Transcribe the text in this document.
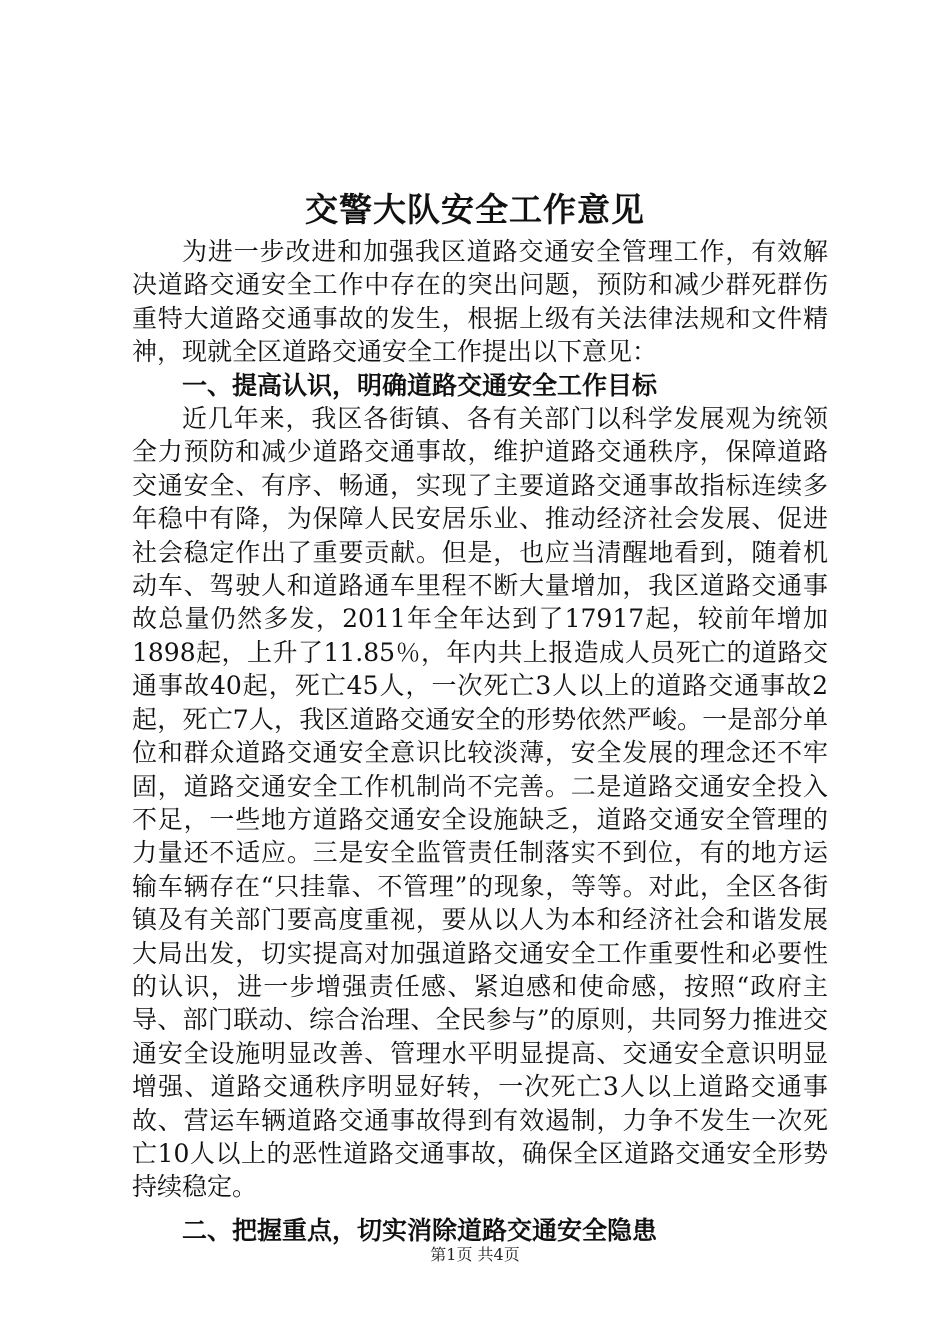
交警大队安全工作意见

为进一步改进和加强我区道路交通安全管理工作，有效解决道路交通安全工作中存在的突出问题，预防和减少群死群伤重特大道路交通事故的发生，根据上级有关法律法规和文件精神，现就全区道路交通安全工作提出以下意见：

一、提高认识，明确道路交通安全工作目标

近几年来，我区各街镇、各有关部门以科学发展观为统领全力预防和减少道路交通事故，维护道路交通秩序，保障道路交通安全、有序、畅通，实现了主要道路交通事故指标连续多年稳中有降，为保障人民安居乐业、推动经济社会发展、促进社会稳定作出了重要贡献。但是，也应当清醒地看到，随着机动车、驾驶人和道路通车里程不断大量增加，我区道路交通事故总量仍然多发，2011年全年达到了17917起，较前年增加1898起，上升了11.85％，年内共上报造成人员死亡的道路交通事故40起，死亡45人，一次死亡3人以上的道路交通事故2起，死亡7人，我区道路交通安全的形势依然严峻。一是部分单位和群众道路交通安全意识比较淡薄，安全发展的理念还不牢固，道路交通安全工作机制尚不完善。二是道路交通安全投入不足，一些地方道路交通安全设施缺乏，道路交通安全管理的力量还不适应。三是安全监管责任制落实不到位，有的地方运输车辆存在“只挂靠、不管理”的现象，等等。对此，全区各街镇及有关部门要高度重视，要从以人为本和经济社会和谐发展大局出发，切实提高对加强道路交通安全工作重要性和必要性的认识，进一步增强责任感、紧迫感和使命感，按照“政府主导、部门联动、综合治理、全民参与”的原则，共同努力推进交通安全设施明显改善、管理水平明显提高、交通安全意识明显增强、道路交通秩序明显好转，一次死亡3人以上道路交通事故、营运车辆道路交通事故得到有效遏制，力争不发生一次死亡10人以上的恶性道路交通事故，确保全区道路交通安全形势持续稳定。

二、把握重点，切实消除道路交通安全隐患
第1页 共4页
